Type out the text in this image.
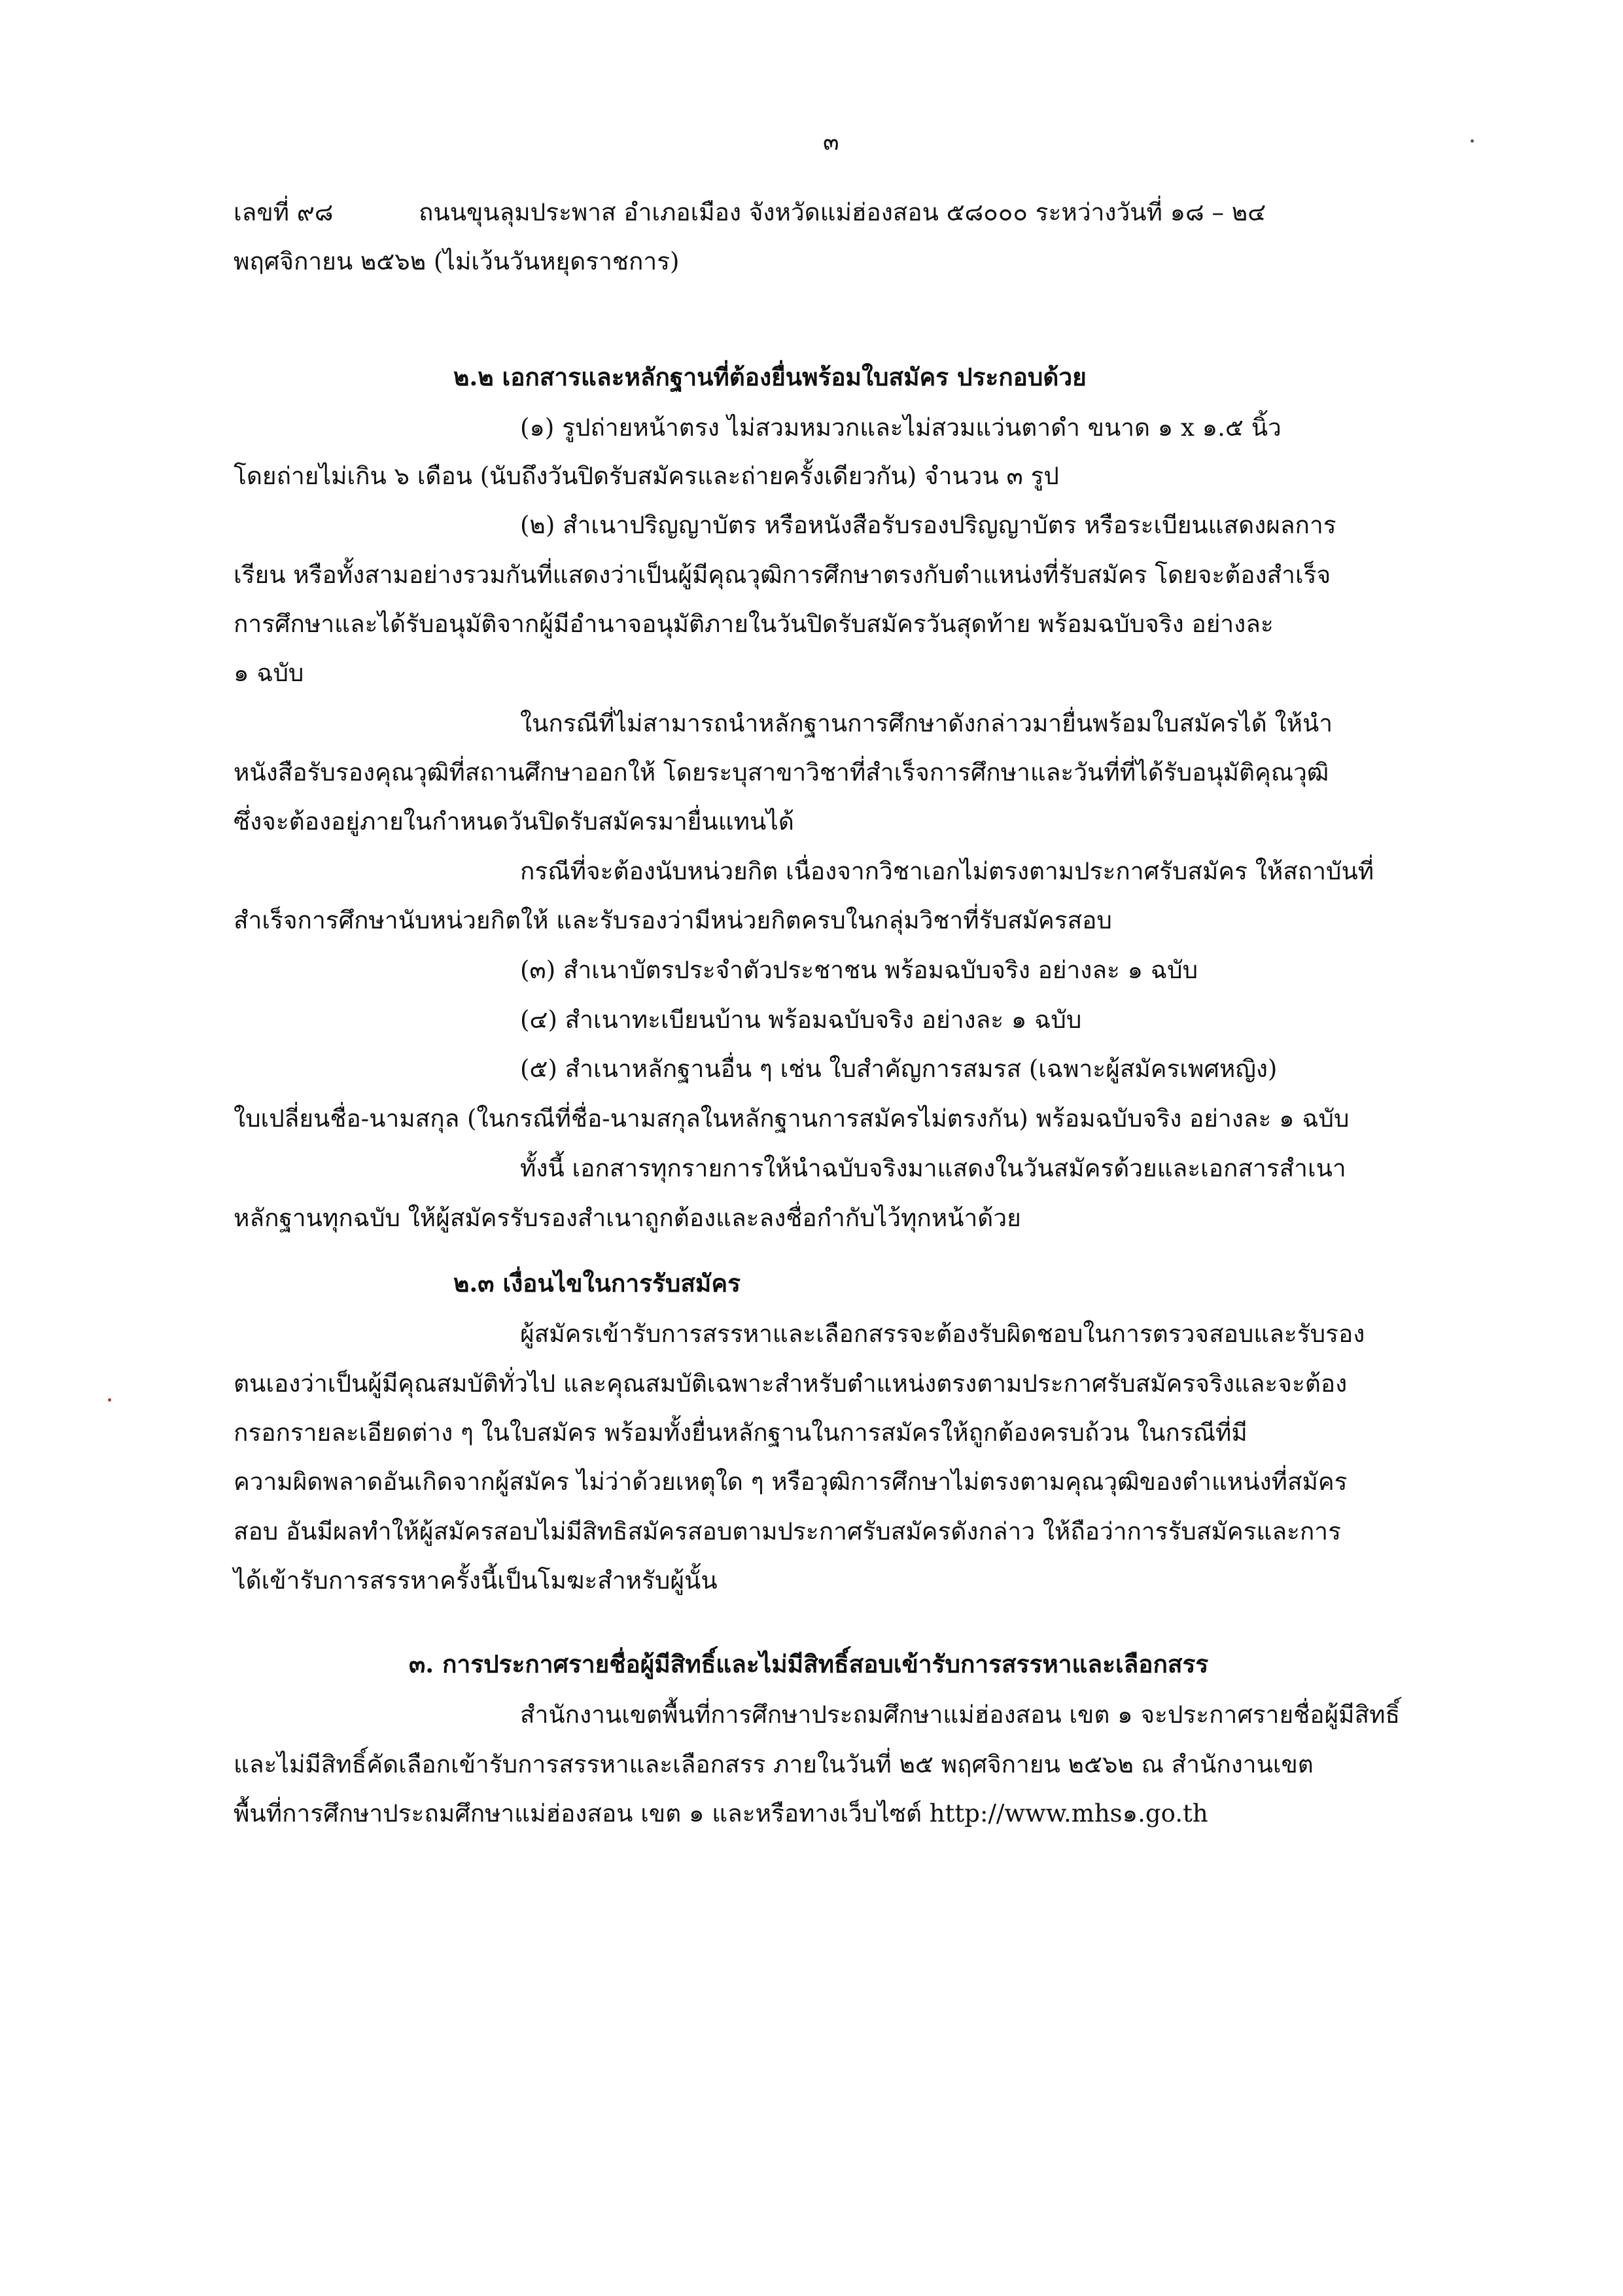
๓
เลขที่ ๙๘	ถนนขุนลุมประพาส อำเภอเมือง จังหวัดแม่ฮ่องสอน ๕๘๐๐๐ ระหว่างวันที่ ๑๘ – ๒๔
พฤศจิกายน ๒๕๖๒ (ไม่เว้นวันหยุดราชการ)
๒.๒ เอกสารและหลักฐานที่ต้องยื่นพร้อมใบสมัคร ประกอบด้วย
(๑) รูปถ่ายหน้าตรง ไม่สวมหมวกและไม่สวมแว่นตาดำ ขนาด ๑ x ๑.๕ นิ้ว
โดยถ่ายไม่เกิน ๖ เดือน (นับถึงวันปิดรับสมัครและถ่ายครั้งเดียวกัน) จำนวน ๓ รูป
(๒) สำเนาปริญญาบัตร หรือหนังสือรับรองปริญญาบัตร หรือระเบียนแสดงผลการ
เรียน หรือทั้งสามอย่างรวมกันที่แสดงว่าเป็นผู้มีคุณวุฒิการศึกษาตรงกับตำแหน่งที่รับสมัคร โดยจะต้องสำเร็จ
การศึกษาและได้รับอนุมัติจากผู้มีอำนาจอนุมัติภายในวันปิดรับสมัครวันสุดท้าย พร้อมฉบับจริง อย่างละ
๑ ฉบับ
ในกรณีที่ไม่สามารถนำหลักฐานการศึกษาดังกล่าวมายื่นพร้อมใบสมัครได้ ให้นำ
หนังสือรับรองคุณวุฒิที่สถานศึกษาออกให้ โดยระบุสาขาวิชาที่สำเร็จการศึกษาและวันที่ที่ได้รับอนุมัติคุณวุฒิ
ซึ่งจะต้องอยู่ภายในกำหนดวันปิดรับสมัครมายื่นแทนได้
กรณีที่จะต้องนับหน่วยกิต เนื่องจากวิชาเอกไม่ตรงตามประกาศรับสมัคร ให้สถาบันที่
สำเร็จการศึกษานับหน่วยกิตให้ และรับรองว่ามีหน่วยกิตครบในกลุ่มวิชาที่รับสมัครสอบ
(๓) สำเนาบัตรประจำตัวประชาชน พร้อมฉบับจริง อย่างละ ๑ ฉบับ
(๔) สำเนาทะเบียนบ้าน พร้อมฉบับจริง อย่างละ ๑ ฉบับ
(๕) สำเนาหลักฐานอื่น ๆ เช่น ใบสำคัญการสมรส (เฉพาะผู้สมัครเพศหญิง)
ใบเปลี่ยนชื่อ-นามสกุล (ในกรณีที่ชื่อ-นามสกุลในหลักฐานการสมัครไม่ตรงกัน) พร้อมฉบับจริง อย่างละ ๑ ฉบับ
ทั้งนี้ เอกสารทุกรายการให้นำฉบับจริงมาแสดงในวันสมัครด้วยและเอกสารสำเนา
หลักฐานทุกฉบับ ให้ผู้สมัครรับรองสำเนาถูกต้องและลงชื่อกำกับไว้ทุกหน้าด้วย
๒.๓ เงื่อนไขในการรับสมัคร
ผู้สมัครเข้ารับการสรรหาและเลือกสรรจะต้องรับผิดชอบในการตรวจสอบและรับรอง
ตนเองว่าเป็นผู้มีคุณสมบัติทั่วไป และคุณสมบัติเฉพาะสำหรับตำแหน่งตรงตามประกาศรับสมัครจริงและจะต้อง
กรอกรายละเอียดต่าง ๆ ในใบสมัคร พร้อมทั้งยื่นหลักฐานในการสมัครให้ถูกต้องครบถ้วน ในกรณีที่มี
ความผิดพลาดอันเกิดจากผู้สมัคร ไม่ว่าด้วยเหตุใด ๆ หรือวุฒิการศึกษาไม่ตรงตามคุณวุฒิของตำแหน่งที่สมัคร
สอบ อันมีผลทำให้ผู้สมัครสอบไม่มีสิทธิสมัครสอบตามประกาศรับสมัครดังกล่าว ให้ถือว่าการรับสมัครและการ
ได้เข้ารับการสรรหาครั้งนี้เป็นโมฆะสำหรับผู้นั้น
๓. การประกาศรายชื่อผู้มีสิทธิ์และไม่มีสิทธิ์สอบเข้ารับการสรรหาและเลือกสรร
สำนักงานเขตพื้นที่การศึกษาประถมศึกษาแม่ฮ่องสอน เขต ๑ จะประกาศรายชื่อผู้มีสิทธิ์
และไม่มีสิทธิ์คัดเลือกเข้ารับการสรรหาและเลือกสรร ภายในวันที่ ๒๕ พฤศจิกายน ๒๕๖๒ ณ สำนักงานเขต
พื้นที่การศึกษาประถมศึกษาแม่ฮ่องสอน เขต ๑ และหรือทางเว็บไซต์ http://www.mhs๑.go.th
